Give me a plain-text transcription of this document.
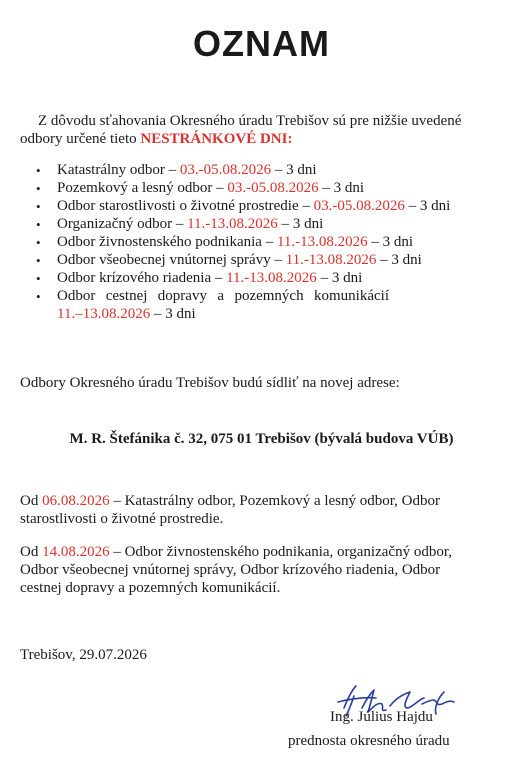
OZNAM
Z dôvodu sťahovania Okresného úradu Trebišov sú pre nižšie uvedené
odbory určené tieto NESTRÁNKOVÉ DNI:
• Katastrálny odbor – 03.-05.08.2026 – 3 dni
• Pozemkový a lesný odbor – 03.-05.08.2026 – 3 dni
• Odbor starostlivosti o životné prostredie – 03.-05.08.2026 – 3 dni
• Organizačný odbor – 11.-13.08.2026 – 3 dni
• Odbor živnostenského podnikania – 11.-13.08.2026 – 3 dni
• Odbor všeobecnej vnútornej správy – 11.-13.08.2026 – 3 dni
• Odbor krízového riadenia – 11.-13.08.2026 – 3 dni
• Odbor cestnej dopravy a pozemných komunikácií
11.–13.08.2026 – 3 dni
Odbory Okresného úradu Trebišov budú sídliť na novej adrese:
M. R. Štefánika č. 32, 075 01 Trebišov (bývalá budova VÚB)
Od 06.08.2026 – Katastrálny odbor, Pozemkový a lesný odbor, Odbor
starostlivosti o životné prostredie.
Od 14.08.2026 – Odbor živnostenského podnikania, organizačný odbor,
Odbor všeobecnej vnútornej správy, Odbor krízového riadenia, Odbor
cestnej dopravy a pozemných komunikácií.
Trebišov, 29.07.2026
Ing. Július Hajdu
prednosta okresného úradu
